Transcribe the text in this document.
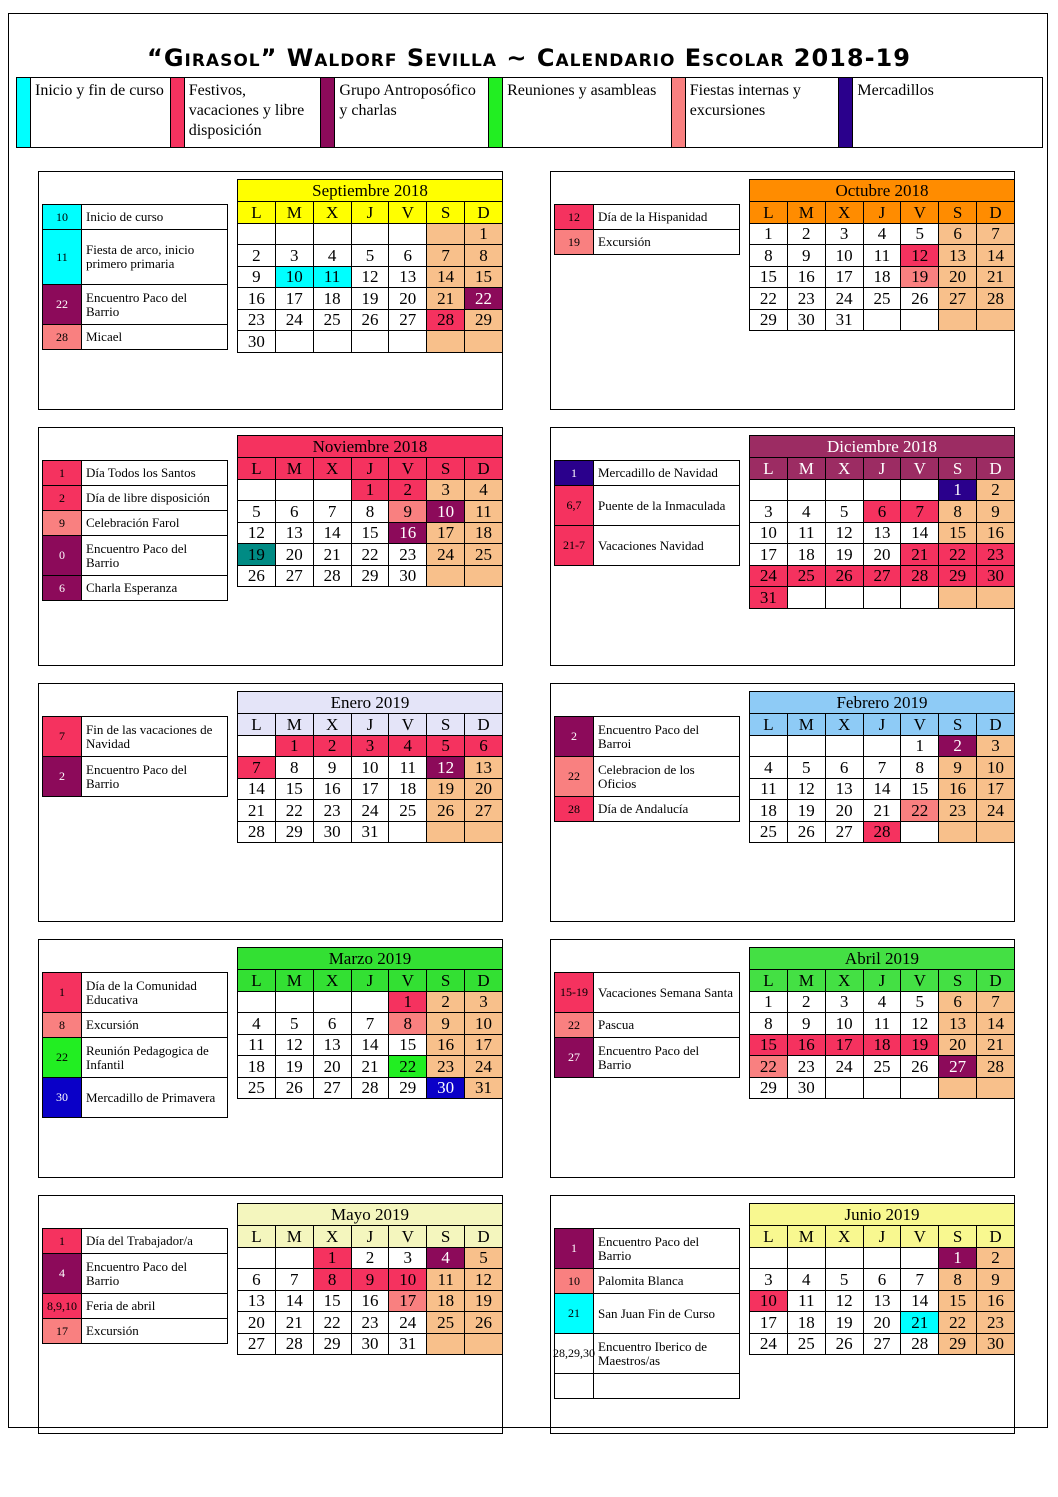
“Girasol” Waldorf Sevilla ~ Calendario Escolar 2018-19
Inicio y fin de curso Festivos, vacaciones y libre disposición
Grupo Antroposófico y charlas
Reuniones y asambleas Fiestas internas y excursiones
Mercadillos
10	Inicio de curso
11	Fiesta de arco, inicio primero primaria
22	Encuentro Paco del Barrio
28	Micael
Septiembre 2018						
L	M	X	J	V	S	D
						1
2	3	4	5	6	7	8
9	10	11	12	13	14	15
16	17	18	19	20	21	22
23	24	25	26	27	28	29
30						
12	Día de la Hispanidad
19	Excursión
Octubre 2018						
L	M	X	J	V	S	D
1	2	3	4	5	6	7
8	9	10	11	12	13	14
15	16	17	18	19	20	21
22	23	24	25	26	27	28
29	30	31				
1	Día Todos los Santos
2	Día de libre disposición
9	Celebración Farol
0	Encuentro Paco del Barrio
6	Charla Esperanza
Noviembre 2018						
L	M	X	J	V	S	D
			1	2	3	4
5	6	7	8	9	10	11
12	13	14	15	16	17	18
19	20	21	22	23	24	25
26	27	28	29	30		
1	Mercadillo de Navidad
6,7	Puente de la Inmaculada
21-7	Vacaciones Navidad
Diciembre 2018						
L	M	X	J	V	S	D
					1	2
3	4	5	6	7	8	9
10	11	12	13	14	15	16
17	18	19	20	21	22	23
24	25	26	27	28	29	30
31						
7	Fin de las vacaciones de Navidad
2	Encuentro Paco del Barrio
Enero 2019						
L	M	X	J	V	S	D
	1	2	3	4	5	6
7	8	9	10	11	12	13
14	15	16	17	18	19	20
21	22	23	24	25	26	27
28	29	30	31			
2	Encuentro Paco del Barroi
22	Celebracion de los Oficios
28	Día de Andalucía
Febrero 2019						
L	M	X	J	V	S	D
				1	2	3
4	5	6	7	8	9	10
11	12	13	14	15	16	17
18	19	20	21	22	23	24
25	26	27	28			
1	Día de la Comunidad Educativa
8	Excursión
22	Reunión Pedagogica de Infantil
30	Mercadillo de Primavera
Marzo 2019						
L	M	X	J	V	S	D
				1	2	3
4	5	6	7	8	9	10
11	12	13	14	15	16	17
18	19	20	21	22	23	24
25	26	27	28	29	30	31
15-19 Vacaciones Semana Santa
22	Pascua
27	Encuentro Paco del Barrio
Abril 2019						
L	M	X	J	V	S	D
1	2	3	4	5	6	7
8	9	10	11	12	13	14
15	16	17	18	19	20	21
22	23	24	25	26	27	28
29	30					
1	Día del Trabajador/a
4	Encuentro Paco del Barrio
8,9,10 Feria de abril
17	Excursión
Mayo 2019						
L	M	X	J	V	S	D
		1	2	3	4	5
6	7	8	9	10	11	12
13	14	15	16	17	18	19
20	21	22	23	24	25	26
27	28	29	30	31		
1	Encuentro Paco del Barrio
10	Palomita Blanca
21	San Juan Fin de Curso
28,29,30 Encuentro Iberico de Maestros/as
Junio 2019						
L	M	X	J	V	S	D
					1	2
3	4	5	6	7	8	9
10	11	12	13	14	15	16
17	18	19	20	21	22	23
24	25	26	27	28	29	30
